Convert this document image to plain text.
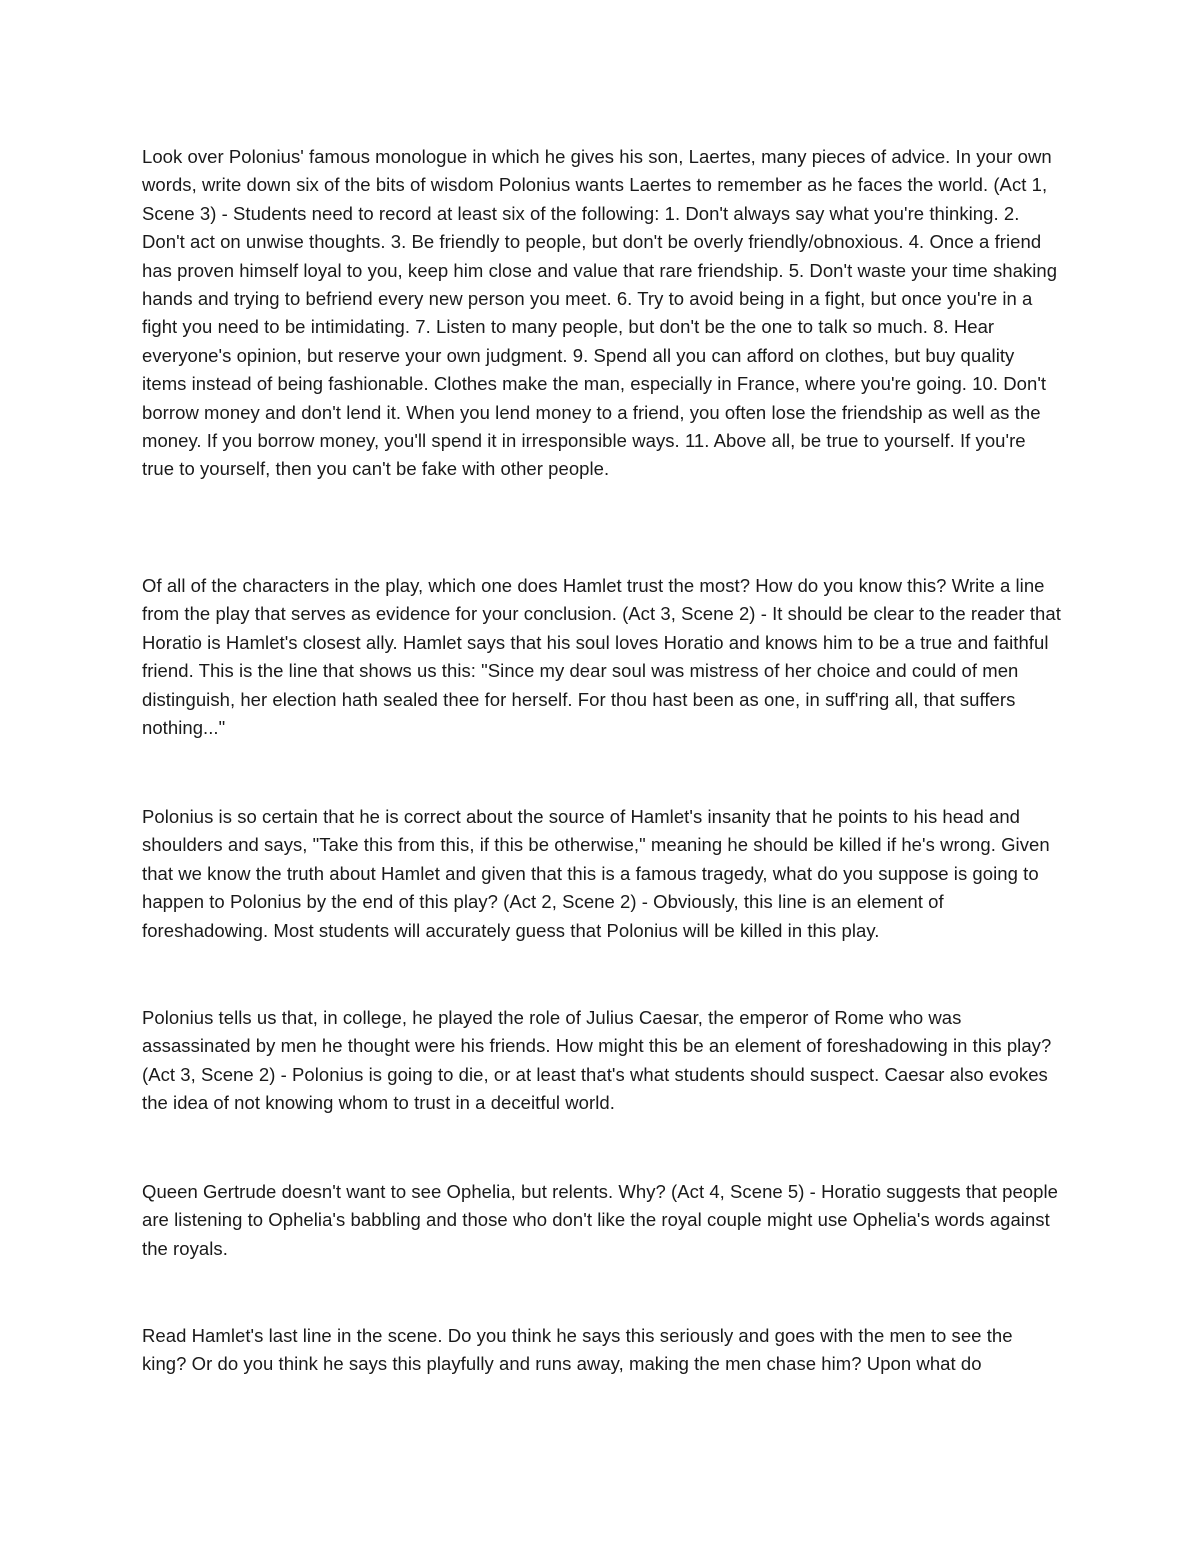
Look over Polonius' famous monologue in which he gives his son, Laertes, many pieces of advice. In your own words, write down six of the bits of wisdom Polonius wants Laertes to remember as he faces the world. (Act 1, Scene 3) - Students need to record at least six of the following: 1. Don't always say what you're thinking. 2. Don't act on unwise thoughts. 3. Be friendly to people, but don't be overly friendly/obnoxious. 4. Once a friend has proven himself loyal to you, keep him close and value that rare friendship. 5. Don't waste your time shaking hands and trying to befriend every new person you meet. 6. Try to avoid being in a fight, but once you're in a fight you need to be intimidating. 7. Listen to many people, but don't be the one to talk so much. 8. Hear everyone's opinion, but reserve your own judgment. 9. Spend all you can afford on clothes, but buy quality items instead of being fashionable. Clothes make the man, especially in France, where you're going. 10. Don't borrow money and don't lend it. When you lend money to a friend, you often lose the friendship as well as the money. If you borrow money, you'll spend it in irresponsible ways. 11. Above all, be true to yourself. If you're true to yourself, then you can't be fake with other people.

Of all of the characters in the play, which one does Hamlet trust the most? How do you know this? Write a line from the play that serves as evidence for your conclusion. (Act 3, Scene 2) - It should be clear to the reader that Horatio is Hamlet's closest ally. Hamlet says that his soul loves Horatio and knows him to be a true and faithful friend. This is the line that shows us this: "Since my dear soul was mistress of her choice and could of men distinguish, her election hath sealed thee for herself. For thou hast been as one, in suff'ring all, that suffers nothing..."

Polonius is so certain that he is correct about the source of Hamlet's insanity that he points to his head and shoulders and says, "Take this from this, if this be otherwise," meaning he should be killed if he's wrong. Given that we know the truth about Hamlet and given that this is a famous tragedy, what do you suppose is going to happen to Polonius by the end of this play? (Act 2, Scene 2) - Obviously, this line is an element of foreshadowing. Most students will accurately guess that Polonius will be killed in this play.

Polonius tells us that, in college, he played the role of Julius Caesar, the emperor of Rome who was assassinated by men he thought were his friends. How might this be an element of foreshadowing in this play? (Act 3, Scene 2) - Polonius is going to die, or at least that's what students should suspect. Caesar also evokes the idea of not knowing whom to trust in a deceitful world.

Queen Gertrude doesn't want to see Ophelia, but relents. Why? (Act 4, Scene 5) - Horatio suggests that people are listening to Ophelia's babbling and those who don't like the royal couple might use Ophelia's words against the royals.

Read Hamlet's last line in the scene. Do you think he says this seriously and goes with the men to see the king? Or do you think he says this playfully and runs away, making the men chase him? Upon what do
